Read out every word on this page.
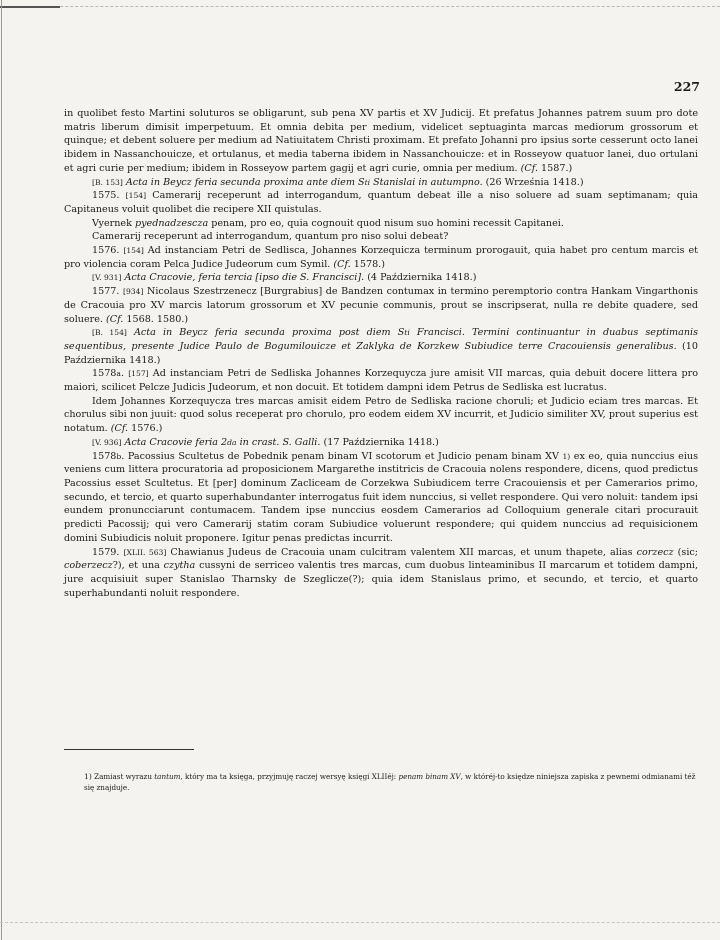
227

in quolibet festo Martini soluturos se obligarunt, sub pena XV partis et XV Judicij. Et prefatus Johannes patrem suum pro dote matris liberum dimisit imperpetuum. Et omnia debita per medium, videlicet septuaginta marcas mediorum grossorum et quinque; et debent soluere per medium ad Natiuitatem Christi proximam. Et prefato Johanni pro ipsius sorte cesserunt octo lanei ibidem in Nassanchouicze, et ortulanus, et media taberna ibidem in Nassanchouicze: et in Rosseyow quatuor lanei, duo ortulani et agri curie per medium; ibidem in Rosseyow partem gagij et agri curie, omnia per medium. (Cf. 1587.)

[B. 153] Acta in Beycz feria secunda proxima ante diem Sti Stanislai in autumpno. (26 Września 1418.)

1575. [154] Camerarij receperunt ad interrogandum, quantum debeat ille a niso soluere ad suam septimanam; quia Capitaneus voluit quolibet die recipere XII quistulas.

Vyernek pyednadzescza penam, pro eo, quia cognouit quod nisum suo homini recessit Capitanei.

Camerarij receperunt ad interrogandum, quantum pro niso solui debeat?

1576. [154] Ad instanciam Petri de Sedlisca, Johannes Korzequicza terminum prorogauit, quia habet pro centum marcis et pro violencia coram Pelca Judice Judeorum cum Symil. (Cf. 1578.)

[V. 931] Acta Cracovie, feria tercia [ipso die S. Francisci]. (4 Października 1418.)

1577. [934] Nicolaus Szestrzenecz [Burgrabius] de Bandzen contumax in termino peremptorio contra Hankam Vingarthonis de Cracouia pro XV marcis latorum grossorum et XV pecunie communis, prout se inscripserat, nulla re debite quadere, sed soluere. (Cf. 1568. 1580.)

[B. 154] Acta in Beycz feria secunda proxima post diem Sti Francisci. Termini continuantur in duabus septimanis sequentibus, presente Judice Paulo de Bogumilouicze et Zaklyka de Korzkew Subiudice terre Cracouiensis generalibus. (10 Października 1418.)

1578a. [157] Ad instanciam Petri de Sedliska Johannes Korzequycza jure amisit VII marcas, quia debuit docere littera pro maiori, scilicet Pelcze Judicis Judeorum, et non docuit. Et totidem dampni idem Petrus de Sedliska est lucratus.

Idem Johannes Korzequycza tres marcas amisit eidem Petro de Sedliska racione choruli; et Judicio eciam tres marcas. Et chorulus sibi non juuit: quod solus receperat pro chorulo, pro eodem eidem XV incurrit, et Judicio similiter XV, prout superius est notatum. (Cf. 1576.)

[V. 936] Acta Cracovie feria 2da in crast. S. Galli. (17 Października 1418.)

1578b. Pacossius Scultetus de Pobednik penam binam VI scotorum et Judicio penam binam XV 1) ex eo, quia nunccius eius veniens cum littera procuratoria ad proposicionem Margarethe institricis de Cracouia nolens respondere, dicens, quod predictus Pacossius esset Scultetus. Et [per] dominum Zacliceam de Corzekwa Subiudicem terre Cracouiensis et per Camerarios primo, secundo, et tercio, et quarto superhabundanter interrogatus fuit idem nunccius, si vellet respondere. Qui vero noluit: tandem ipsi eundem pronuncciarunt contumacem. Tandem ipse nunccius eosdem Camerarios ad Colloquium generale citari procurauit predicti Pacossij; qui vero Camerarij statim coram Subiudice voluerunt respondere; qui quidem nunccius ad requisicionem domini Subiudicis noluit proponere. Igitur penas predictas incurrit.

1579. [XLII. 563] Chawianus Judeus de Cracouia unam culcitram valentem XII marcas, et unum thapete, alias corzecz (sic; coberzecz?), et una czytha cussyni de serriceo valentis tres marcas, cum duobus linteaminibus II marcarum et totidem dampni, jure acquisiuit super Stanislao Tharnsky de Szeglicze(?); quia idem Stanislaus primo, et secundo, et tercio, et quarto superhabundanti noluit respondere.

1) Zamiast wyrazu tantum, który ma ta księga, przyjmuję raczej wersyę księgi XLIIéj: penam binam XV, w któréj-to księdze niniejsza zapiska z pewnemi odmianami též się znajduje.
